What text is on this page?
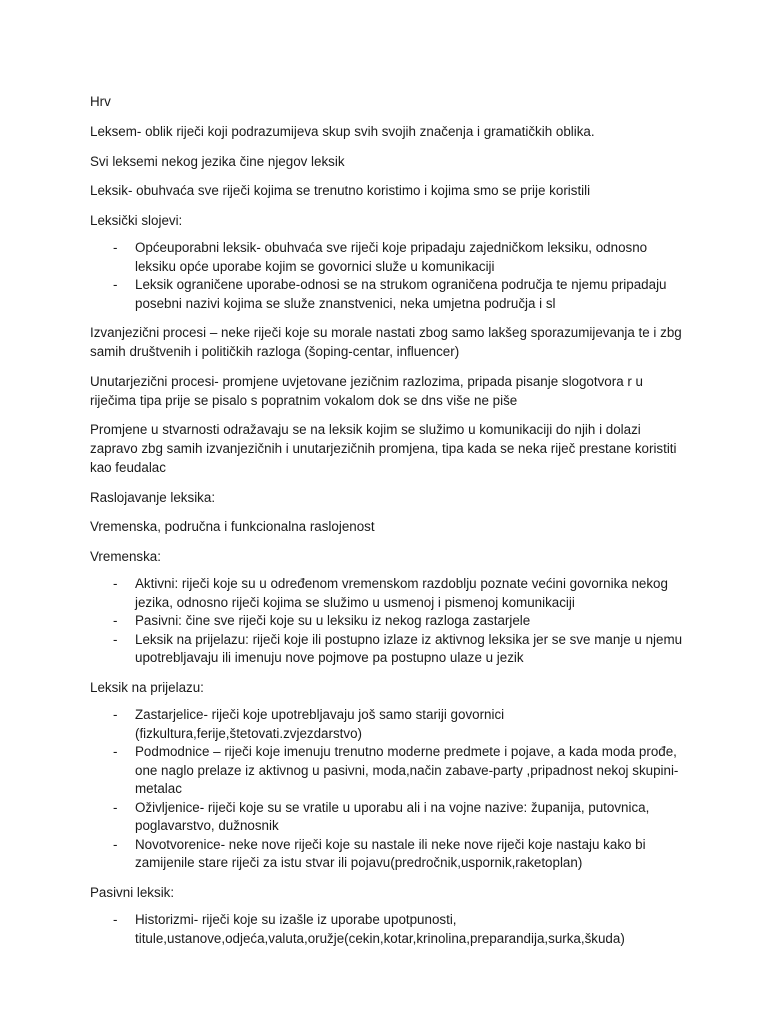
Hrv

Leksem- oblik riječi koji podrazumijeva skup svih svojih značenja i gramatičkih oblika.

Svi leksemi nekog jezika čine njegov leksik

Leksik- obuhvaća sve riječi kojima se trenutno koristimo i kojima smo se prije koristili

Leksički slojevi:

- Općeuporabni leksik- obuhvaća sve riječi koje pripadaju zajedničkom leksiku, odnosno leksiku opće uporabe kojim se govornici služe u komunikaciji
- Leksik ograničene uporabe-odnosi se na strukom ograničena područja te njemu pripadaju posebni nazivi kojima se služe znanstvenici, neka umjetna područja i sl

Izvanjezični procesi – neke riječi koje su morale nastati zbog samo lakšeg sporazumijevanja te i zbg samih društvenih i političkih razloga (šoping-centar, influencer)

Unutarjezični procesi- promjene uvjetovane jezičnim razlozima, pripada pisanje slogotvora r u riječima tipa prije se pisalo s popratnim vokalom dok se dns više ne piše

Promjene u stvarnosti odražavaju se na leksik kojim se služimo u komunikaciji do njih i dolazi zapravo zbg samih izvanjezičnih i unutarjezičnih promjena, tipa kada se neka riječ prestane koristiti kao feudalac

Raslojavanje leksika:

Vremenska, područna i funkcionalna raslojenost

Vremenska:

- Aktivni: riječi koje su u određenom vremenskom razdoblju poznate većini govornika nekog jezika, odnosno riječi kojima se služimo u usmenoj i pismenoj komunikaciji
- Pasivni: čine sve riječi koje su u leksiku iz nekog razloga zastarjele
- Leksik na prijelazu: riječi koje ili postupno izlaze iz aktivnog leksika jer se sve manje u njemu upotrebljavaju ili imenuju nove pojmove pa postupno ulaze u jezik

Leksik na prijelazu:

- Zastarjelice- riječi koje upotrebljavaju još samo stariji govornici (fizkultura,ferije,štetovati.zvjezdarstvo)
- Podmodnice – riječi koje imenuju trenutno moderne predmete i pojave, a kada moda prođe, one naglo prelaze iz aktivnog u pasivni, moda,način zabave-party ,pripadnost nekoj skupini-metalac
- Oživljenice- riječi koje su se vratile u uporabu ali i na vojne nazive: županija, putovnica, poglavarstvo, dužnosnik
- Novotvorenice- neke nove riječi koje su nastale ili neke nove riječi koje nastaju kako bi zamijenile stare riječi za istu stvar ili pojavu(predročnik,uspornik,raketoplan)

Pasivni leksik:

- Historizmi- riječi koje su izašle iz uporabe upotpunosti, titule,ustanove,odjeća,valuta,oružje(cekin,kotar,krinolina,preparandija,surka,škuda)
